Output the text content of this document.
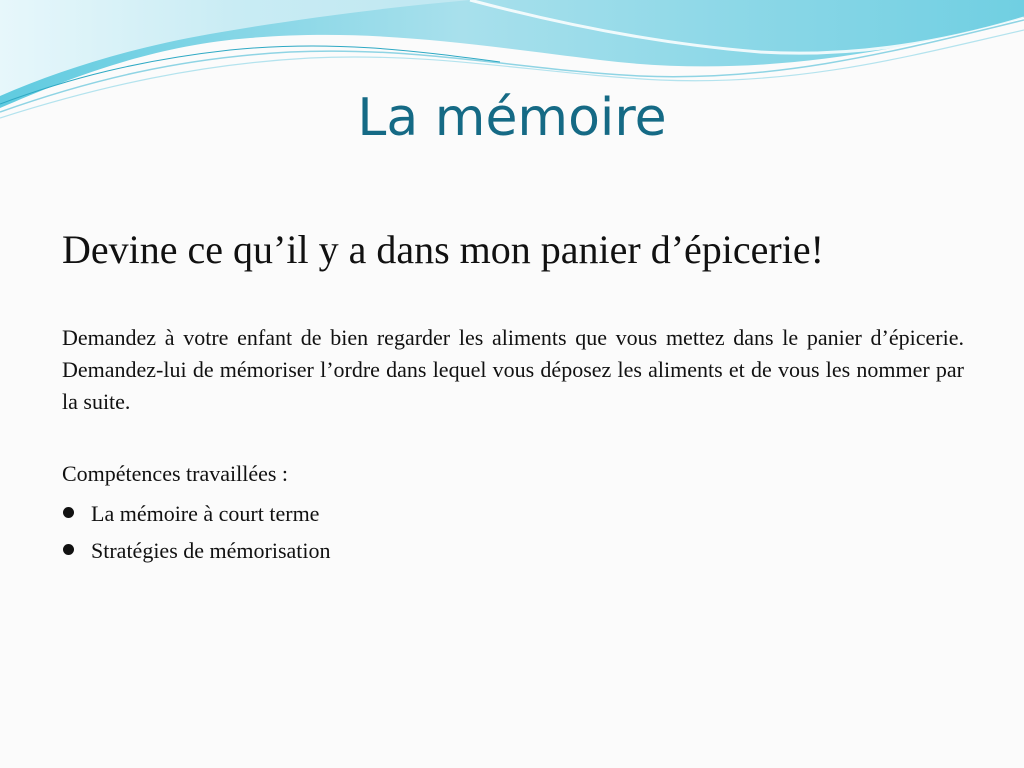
La mémoire
Devine ce qu’il y a dans mon panier d’épicerie!

Demandez à votre enfant de bien regarder les aliments que vous mettez dans le panier d’épicerie. Demandez-lui de mémoriser l’ordre dans lequel vous déposez les aliments et de vous les nommer par la suite.

Compétences travaillées :

La mémoire à court terme
Stratégies de mémorisation
